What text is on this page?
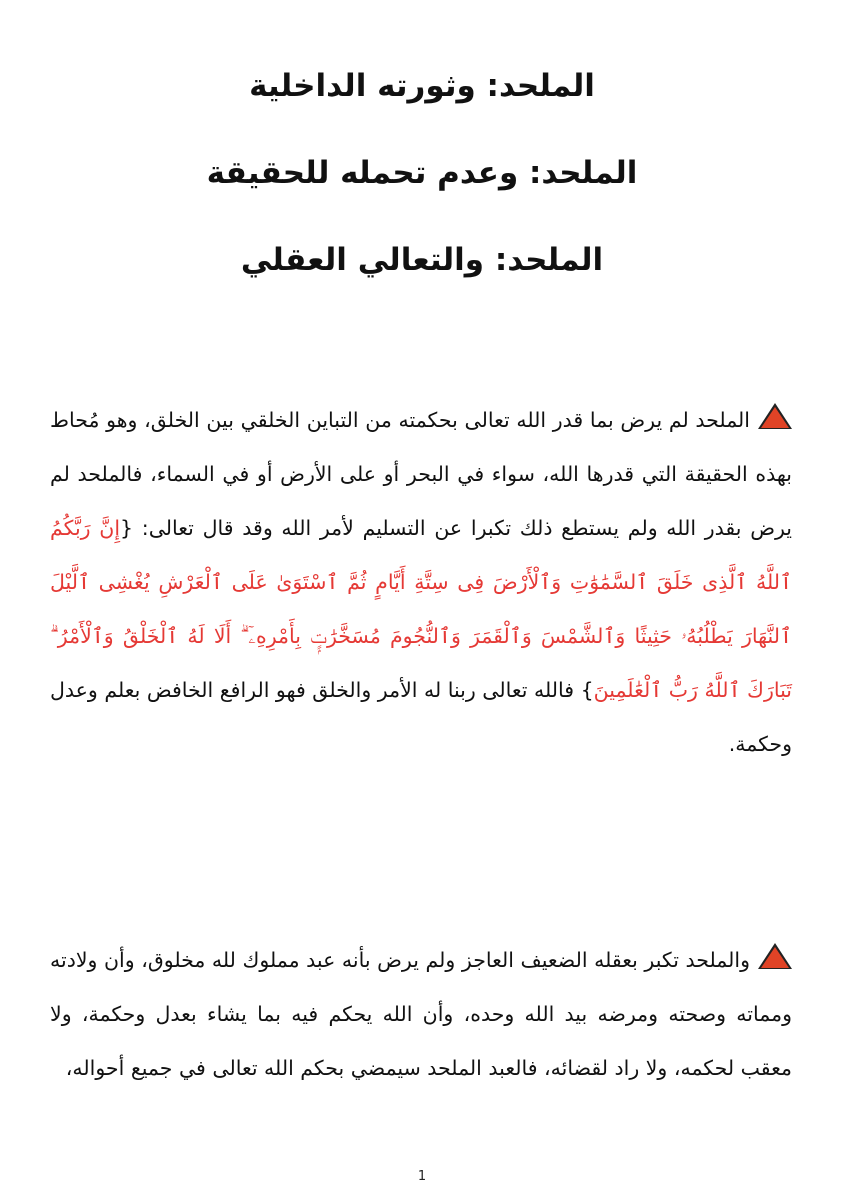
الملحد: وثورته الداخلية
الملحد: وعدم تحمله للحقيقة
الملحد: والتعالي العقلي

الملحد لم يرض بما قدر الله تعالى بحكمته من التباين الخلقي بين الخلق، وهو مُحاط بهذه الحقيقة التي قدرها الله، سواء في البحر أو على الأرض أو في السماء، فالملحد لم يرض بقدر الله ولم يستطع ذلك تكبرا عن التسليم لأمر الله وقد قال تعالى: {إِنَّ رَبَّكُمُ ٱللَّهُ ٱلَّذِى خَلَقَ ٱلسَّمَٰوَٰتِ وَٱلْأَرْضَ فِى سِتَّةِ أَيَّامٍ ثُمَّ ٱسْتَوَىٰ عَلَى ٱلْعَرْشِ يُغْشِى ٱلَّيْلَ ٱلنَّهَارَ يَطْلُبُهُۥ حَثِيثًا وَٱلشَّمْسَ وَٱلْقَمَرَ وَٱلنُّجُومَ مُسَخَّرَٰتٍۭ بِأَمْرِهِۦٓ ۗ أَلَا لَهُ ٱلْخَلْقُ وَٱلْأَمْرُ ۗ تَبَارَكَ ٱللَّهُ رَبُّ ٱلْعَٰلَمِينَ} فالله تعالى ربنا له الأمر والخلق فهو الرافع الخافض بعلم وعدل وحكمة.

والملحد تكبر بعقله الضعيف العاجز ولم يرض بأنه عبد مملوك لله مخلوق، وأن ولادته ومماته وصحته ومرضه بيد الله وحده، وأن الله يحكم فيه بما يشاء بعدل وحكمة، ولا معقب لحكمه، ولا راد لقضائه، فالعبد الملحد سيمضي بحكم الله تعالى في جميع أحواله،

1
